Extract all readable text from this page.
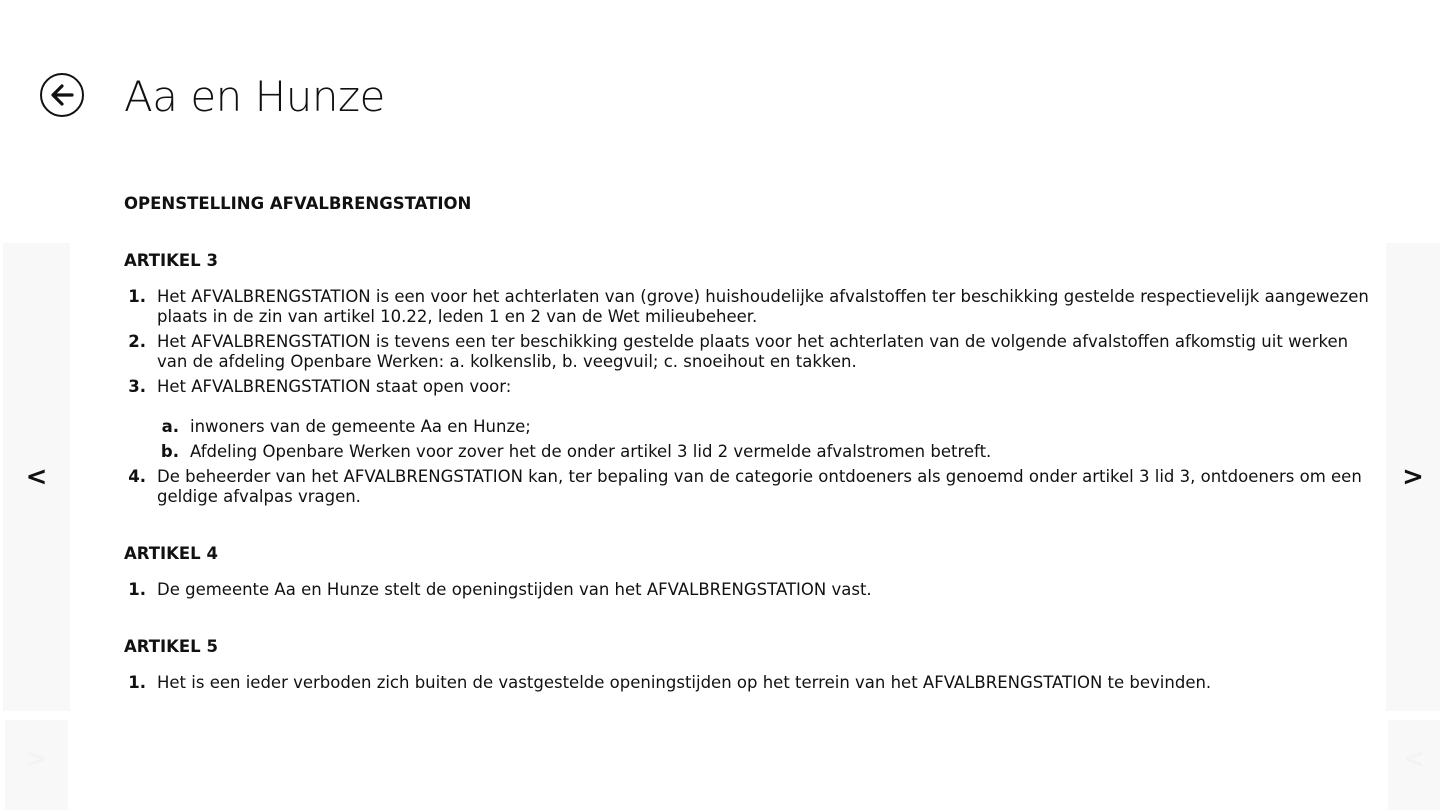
Aa en Hunze
<	>
>	<
OPENSTELLING AFVALBRENGSTATION
ARTIKEL 3
1. Het AFVALBRENGSTATION is een voor het achterlaten van (grove) huishoudelijke afvalstoffen ter beschikking gestelde respectievelijk aangewezen plaats in de zin van artikel 10.22, leden 1 en 2 van de Wet milieubeheer.
2. Het AFVALBRENGSTATION is tevens een ter beschikking gestelde plaats voor het achterlaten van de volgende afvalstoffen afkomstig uit werken van de afdeling Openbare Werken: a. kolkenslib, b. veegvuil; c. snoeihout en takken.
3. Het AFVALBRENGSTATION staat open voor:
a. inwoners van de gemeente Aa en Hunze;
b. Afdeling Openbare Werken voor zover het de onder artikel 3 lid 2 vermelde afvalstromen betreft.
4. De beheerder van het AFVALBRENGSTATION kan, ter bepaling van de categorie ontdoeners als genoemd onder artikel 3 lid 3, ontdoeners om een geldige afvalpas vragen.
ARTIKEL 4
1. De gemeente Aa en Hunze stelt de openingstijden van het AFVALBRENGSTATION vast.
ARTIKEL 5
1. Het is een ieder verboden zich buiten de vastgestelde openingstijden op het terrein van het AFVALBRENGSTATION te bevinden.
